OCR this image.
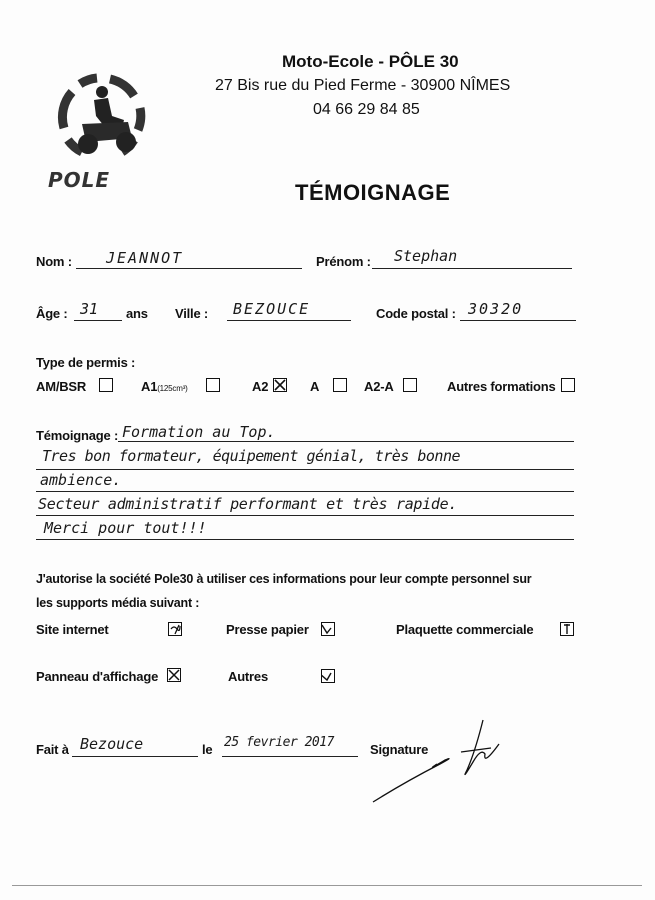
POLE
Moto-Ecole - PÔLE 30
27 Bis rue du Pied Ferme - 30900 NÎMES
04 66 29 84 85
TÉMOIGNAGE
Nom : JEANNOT	Prénom : Stephan
Âge : 31 ans Ville : BEZOUCE	Code postal : 30320
Type de permis :
AM/BSR	A1(125cm³)	A2	A	A2-A	Autres formations
Témoignage : Formation au Top.
Tres bon formateur, équipement génial, très bonne
ambience.
Secteur administratif performant et très rapide.
Merci pour tout!!!
J'autorise la société Pole30 à utiliser ces informations pour leur compte personnel sur
les supports média suivant :
Site internet	Presse papier	Plaquette commerciale
Panneau d'affichage	Autres
Fait à Bezouce	le 25 fevrier 2017	Signature
